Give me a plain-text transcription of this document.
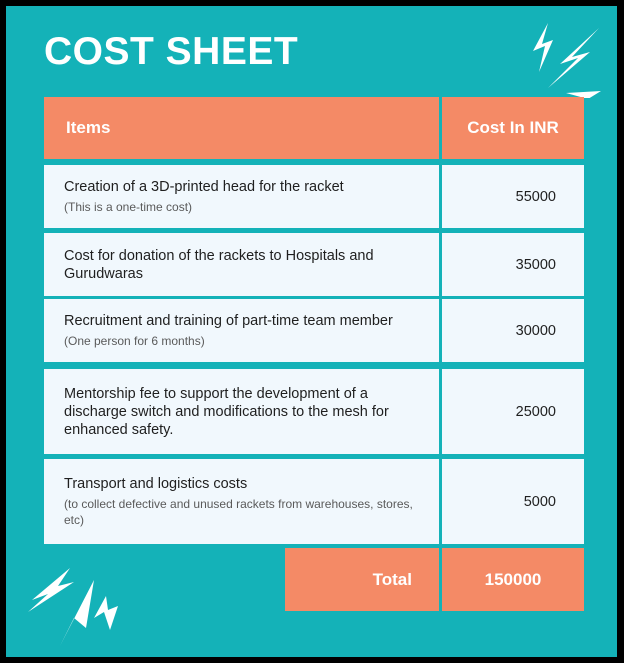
COST SHEET
Items	Cost In INR
Creation of a 3D-printed head for the racket
(This is a one-time cost)
55000
Cost for donation of the rackets to Hospitals and Gurudwaras
35000
Recruitment and training of part-time team member
(One person for 6 months)
30000
Mentorship fee to support the development of a discharge switch and modifications to the mesh for enhanced safety.
25000
Transport and logistics costs
(to collect defective and unused rackets from warehouses, stores, etc)
5000
Total	150000
